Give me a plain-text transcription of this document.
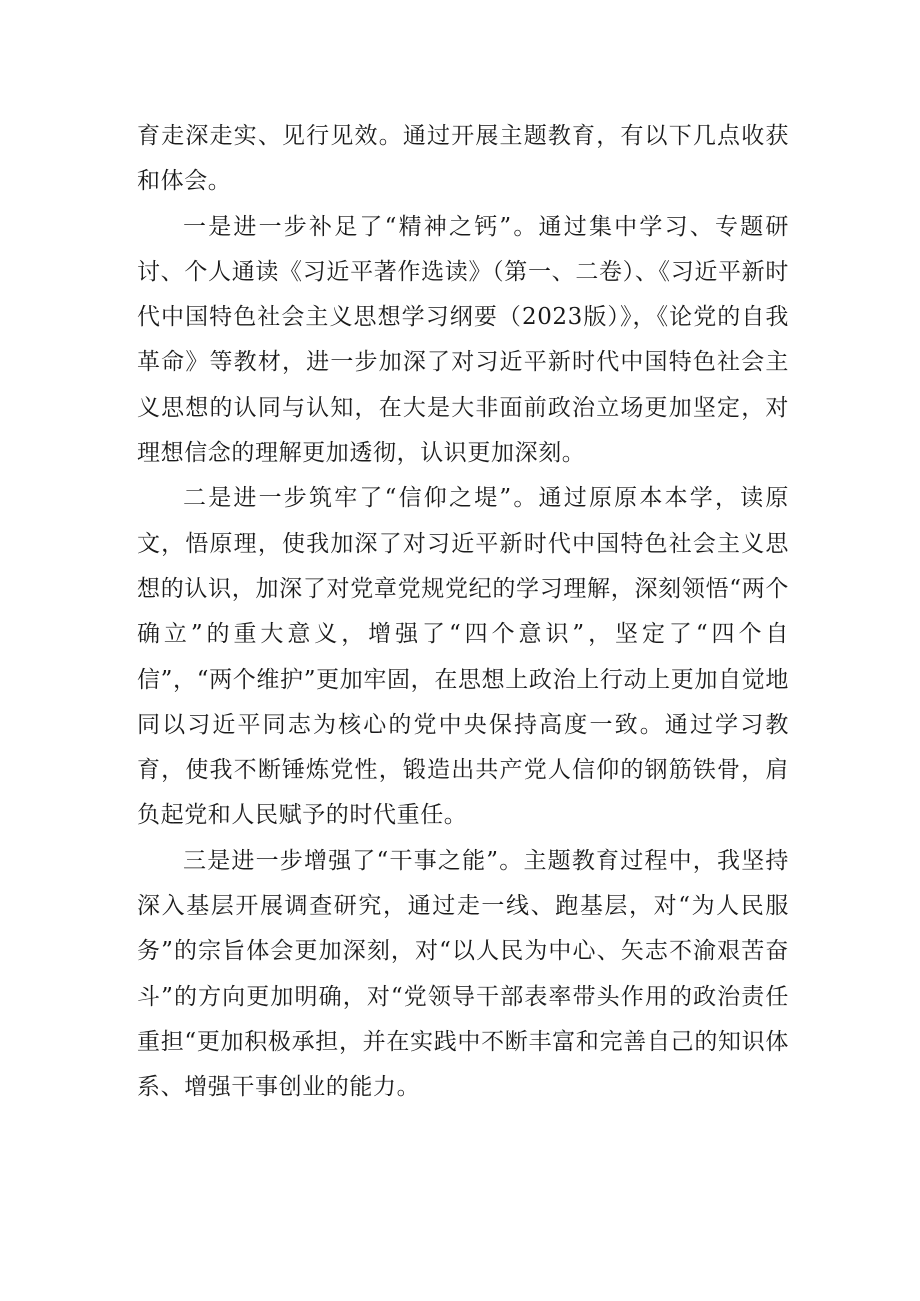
育走深走实、见行见效。通过开展主题教育，有以下几点收获和体会。

一是进一步补足了“精神之钙”。通过集中学习、专题研讨、个人通读《习近平著作选读》（第一、二卷）、《习近平新时代中国特色社会主义思想学习纲要（2023版）》，《论党的自我革命》等教材，进一步加深了对习近平新时代中国特色社会主义思想的认同与认知，在大是大非面前政治立场更加坚定，对理想信念的理解更加透彻，认识更加深刻。

二是进一步筑牢了“信仰之堤”。通过原原本本学，读原文，悟原理，使我加深了对习近平新时代中国特色社会主义思想的认识，加深了对党章党规党纪的学习理解，深刻领悟“两个确立”的重大意义，增强了“四个意识”，坚定了“四个自信”，“两个维护”更加牢固，在思想上政治上行动上更加自觉地同以习近平同志为核心的党中央保持高度一致。通过学习教育，使我不断锤炼党性，锻造出共产党人信仰的钢筋铁骨，肩负起党和人民赋予的时代重任。

三是进一步增强了“干事之能”。主题教育过程中，我坚持深入基层开展调查研究，通过走一线、跑基层，对“为人民服务”的宗旨体会更加深刻，对“以人民为中心、矢志不渝艰苦奋斗”的方向更加明确，对“党领导干部表率带头作用的政治责任重担“更加积极承担，并在实践中不断丰富和完善自己的知识体系、增强干事创业的能力。
